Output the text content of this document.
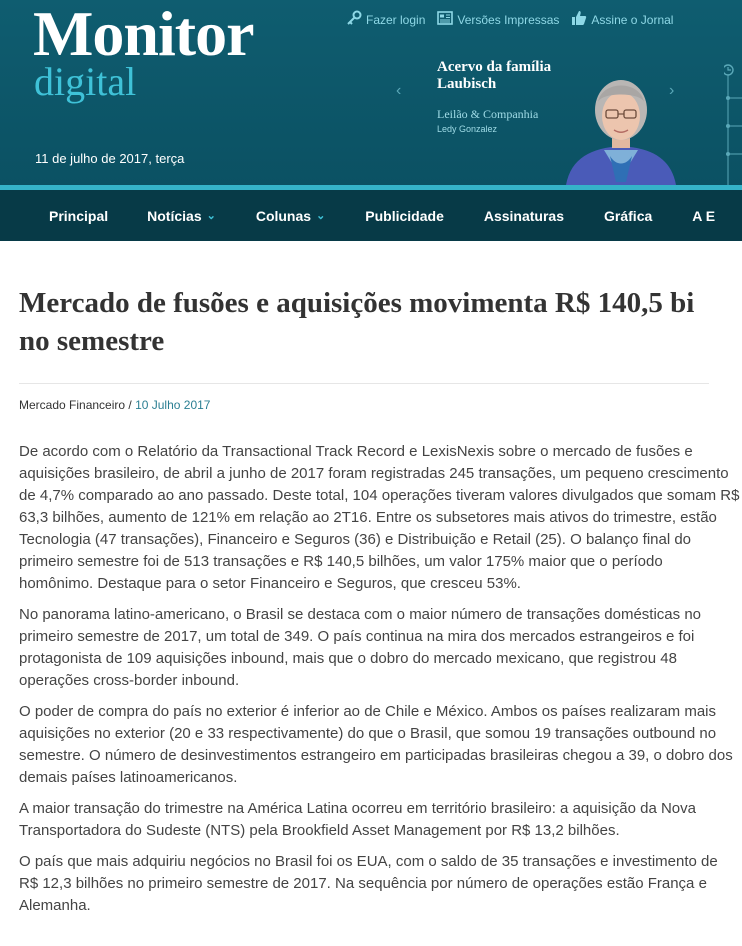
Monitor
digital
11 de julho de 2017, terça
Fazer login	Versões Impressas	Assine o Jornal
‹	›
Acervo da família Laubisch
Leilão & Companhia
Ledy Gonzalez
Principal	Notícias ⌄	Colunas ⌄	Publicidade	Assinaturas	Gráfica	A E
Mercado de fusões e aquisições movimenta R$ 140,5 bi no semestre
Mercado Financeiro / 10 Julho 2017

De acordo com o Relatório da Transactional Track Record e LexisNexis sobre o mercado de fusões e aquisições brasileiro, de abril a junho de 2017 foram registradas 245 transações, um pequeno crescimento de 4,7% comparado ao ano passado. Deste total, 104 operações tiveram valores divulgados que somam R$ 63,3 bilhões, aumento de 121% em relação ao 2T16. Entre os subsetores mais ativos do trimestre, estão Tecnologia (47 transações), Financeiro e Seguros (36) e Distribuição e Retail (25). O balanço final do primeiro semestre foi de 513 transações e R$ 140,5 bilhões, um valor 175% maior que o período homônimo. Destaque para o setor Financeiro e Seguros, que cresceu 53%.

No panorama latino-americano, o Brasil se destaca com o maior número de transações domésticas no primeiro semestre de 2017, um total de 349. O país continua na mira dos mercados estrangeiros e foi protagonista de 109 aquisições inbound, mais que o dobro do mercado mexicano, que registrou 48 operações cross-border inbound.

O poder de compra do país no exterior é inferior ao de Chile e México. Ambos os países realizaram mais aquisições no exterior (20 e 33 respectivamente) do que o Brasil, que somou 19 transações outbound no semestre. O número de desinvestimentos estrangeiro em participadas brasileiras chegou a 39, o dobro dos demais países latinoamericanos.

A maior transação do trimestre na América Latina ocorreu em território brasileiro: a aquisição da Nova Transportadora do Sudeste (NTS) pela Brookfield Asset Management por R$ 13,2 bilhões.

O país que mais adquiriu negócios no Brasil foi os EUA, com o saldo de 35 transações e investimento de R$ 12,3 bilhões no primeiro semestre de 2017. Na sequência por número de operações estão França e Alemanha.
